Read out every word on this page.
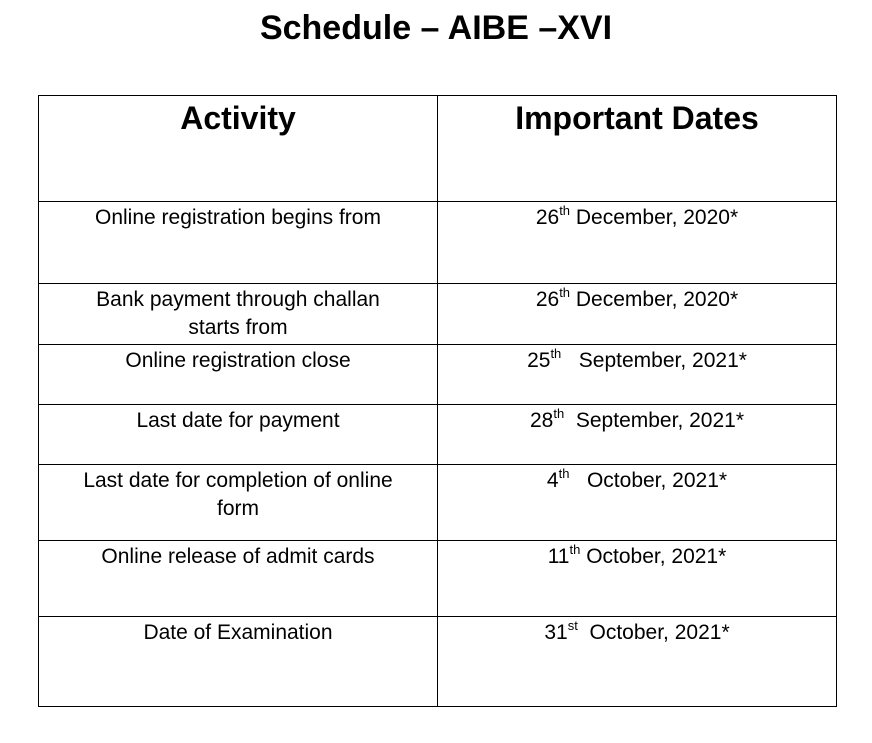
Schedule – AIBE –XVI
Activity	Important Dates
Online registration begins from	26th December, 2020*
Bank payment through challan starts from	26th December, 2020*
Online registration close	25th September, 2021*
Last date for payment	28th September, 2021*
Last date for completion of online form	4th October, 2021*
Online release of admit cards	11th October, 2021*
Date of Examination	31st October, 2021*
